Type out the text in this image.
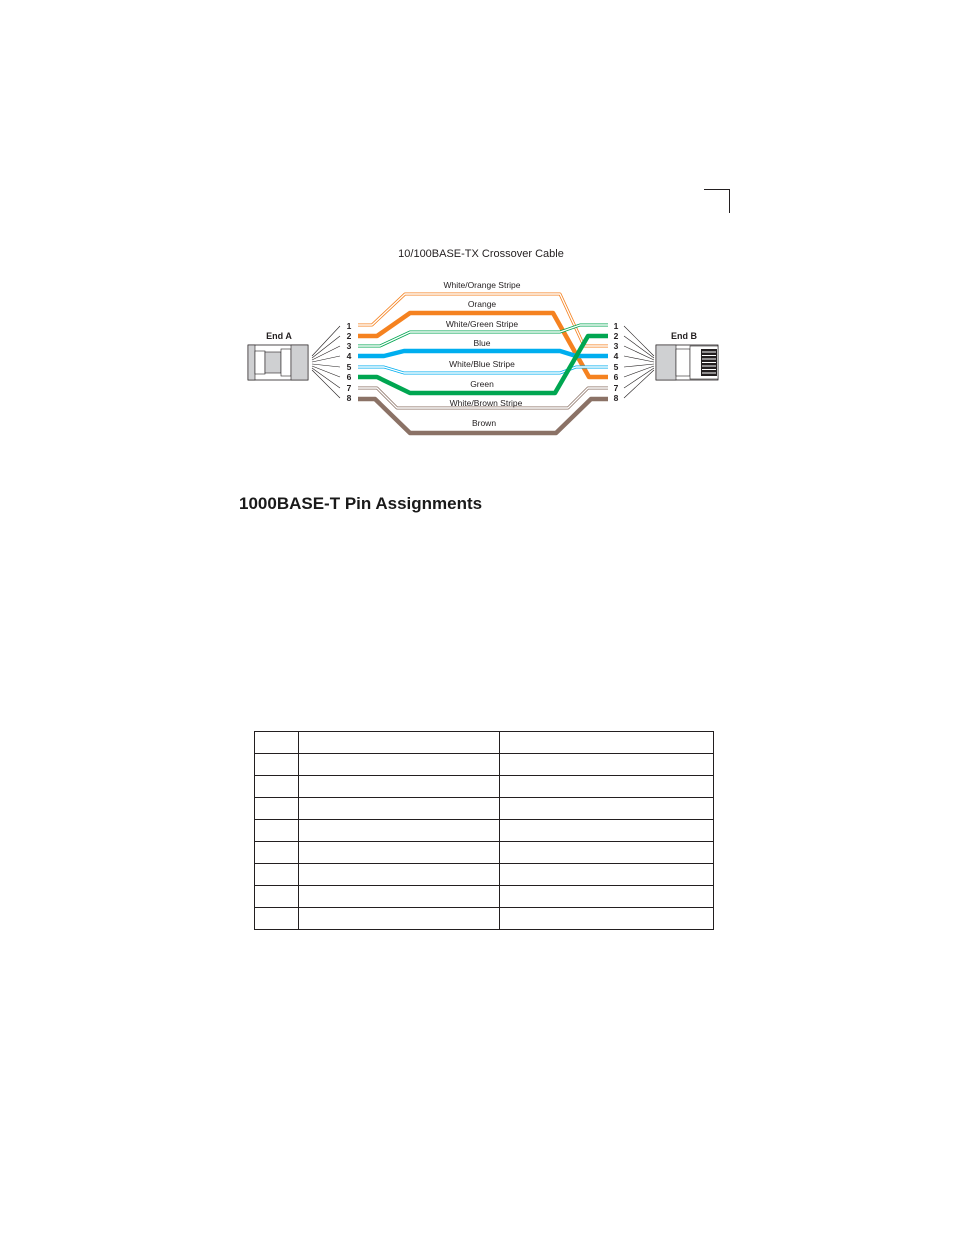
10/100BASE-TX Crossover Cable
End A	End B
1
2
3
4
5
6
7
8
1
2
3
4
5
6
7
8
White/Orange Stripe
Orange
White/Green Stripe
Blue
White/Blue Stripe
Green
White/Brown Stripe
Brown
1000BASE-T Pin Assignments
